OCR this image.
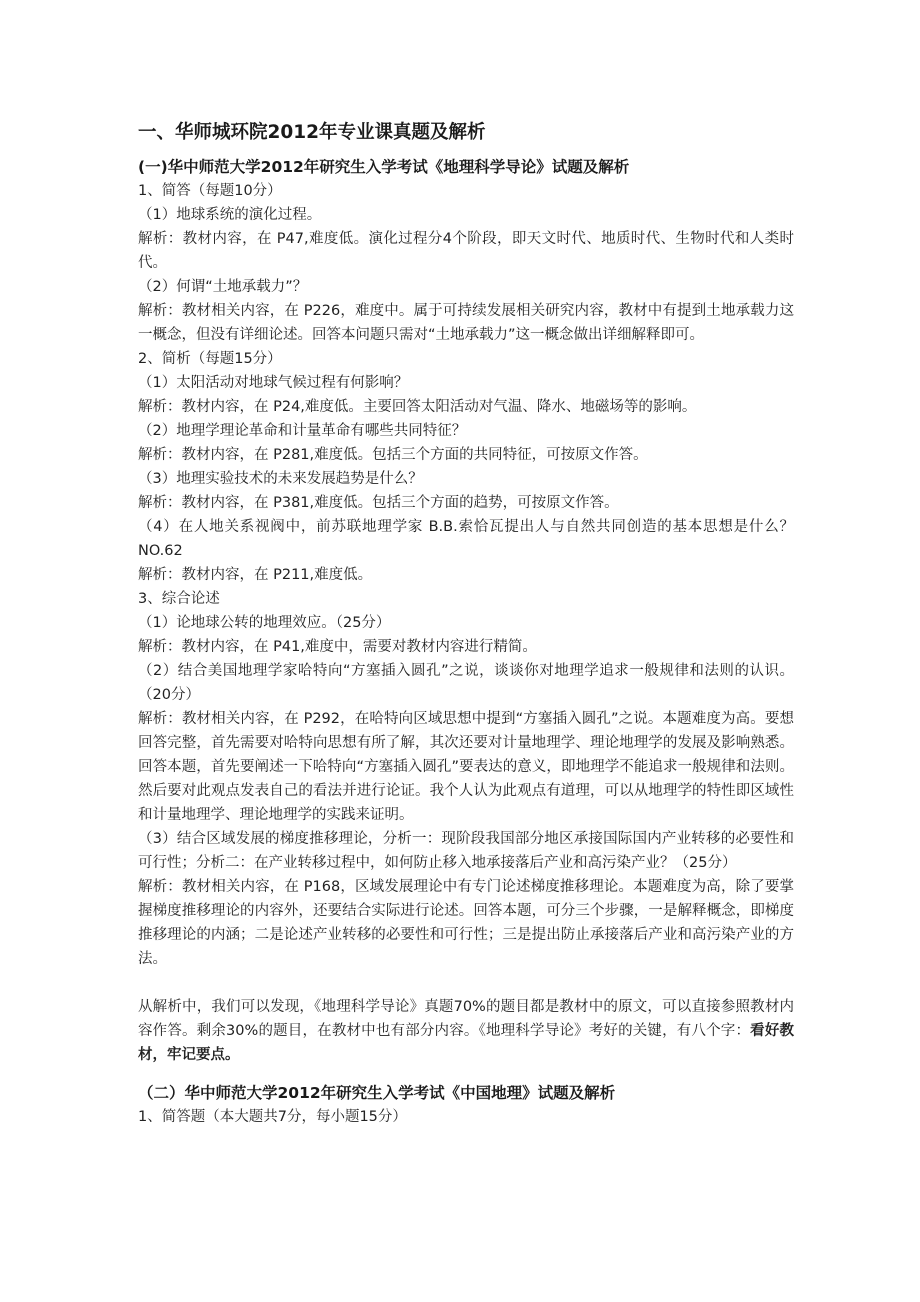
一、华师城环院2012年专业课真题及解析
(一)华中师范大学2012年研究生入学考试《地理科学导论》试题及解析
1、简答（每题10分）
（1）地球系统的演化过程。
解析：教材内容，在 P47,难度低。演化过程分4个阶段，即天文时代、地质时代、生物时代和人类时代。
（2）何谓“土地承载力”？
解析：教材相关内容，在 P226，难度中。属于可持续发展相关研究内容，教材中有提到土地承载力这一概念，但没有详细论述。回答本问题只需对“土地承载力”这一概念做出详细解释即可。
2、简析（每题15分）
（1）太阳活动对地球气候过程有何影响？
解析：教材内容，在 P24,难度低。主要回答太阳活动对气温、降水、地磁场等的影响。
（2）地理学理论革命和计量革命有哪些共同特征？
解析：教材内容，在 P281,难度低。包括三个方面的共同特征，可按原文作答。
（3）地理实验技术的未来发展趋势是什么？
解析：教材内容，在 P381,难度低。包括三个方面的趋势，可按原文作答。
（4）在人地关系视阀中，前苏联地理学家 B.B.索恰瓦提出人与自然共同创造的基本思想是什么？NO.62
解析：教材内容，在 P211,难度低。
3、综合论述
（1）论地球公转的地理效应。（25分）
解析：教材内容，在 P41,难度中，需要对教材内容进行精简。
（2）结合美国地理学家哈特向“方塞插入圆孔”之说，谈谈你对地理学追求一般规律和法则的认识。（20分）
解析：教材相关内容，在 P292，在哈特向区域思想中提到“方塞插入圆孔”之说。本题难度为高。要想回答完整，首先需要对哈特向思想有所了解，其次还要对计量地理学、理论地理学的发展及影响熟悉。回答本题，首先要阐述一下哈特向“方塞插入圆孔”要表达的意义，即地理学不能追求一般规律和法则。然后要对此观点发表自己的看法并进行论证。我个人认为此观点有道理，可以从地理学的特性即区域性和计量地理学、理论地理学的实践来证明。
（3）结合区域发展的梯度推移理论，分析一：现阶段我国部分地区承接国际国内产业转移的必要性和可行性；分析二：在产业转移过程中，如何防止移入地承接落后产业和高污染产业？（25分）
解析：教材相关内容，在 P168，区域发展理论中有专门论述梯度推移理论。本题难度为高，除了要掌握梯度推移理论的内容外，还要结合实际进行论述。回答本题，可分三个步骤，一是解释概念，即梯度推移理论的内涵；二是论述产业转移的必要性和可行性；三是提出防止承接落后产业和高污染产业的方法。
从解析中，我们可以发现，《地理科学导论》真题70%的题目都是教材中的原文，可以直接参照教材内容作答。剩余30%的题目，在教材中也有部分内容。《地理科学导论》考好的关键，有八个字：看好教材，牢记要点。
（二）华中师范大学2012年研究生入学考试《中国地理》试题及解析
1、简答题（本大题共7分，每小题15分）
